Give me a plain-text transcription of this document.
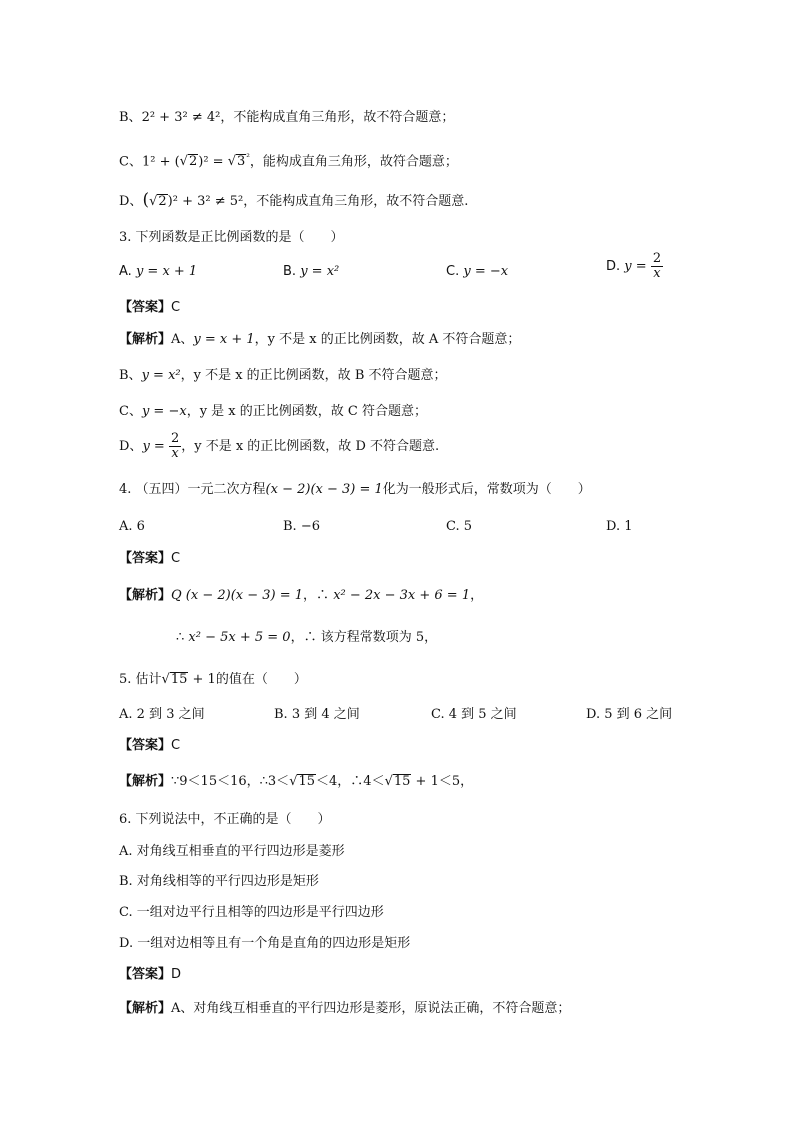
B、2² + 3² ≠ 4²，不能构成直角三角形，故不符合题意；
C、$1^2 + (√2)^2 = √3^{^2}$，能构成直角三角形，故符合题意；
D、(√2)² + 3² ≠ 5²，不能构成直角三角形，故不符合题意.
3. 下列函数是正比例函数的是（　　）
A. y = x + 1	B. y = x²	C. y = −x	D. $y = \frac{2}{x}$
【答案】C
【解析】A、y = x + 1，y 不是 x 的正比例函数，故 A 不符合题意；
B、y = x²，y 不是 x 的正比例函数，故 B 不符合题意；
C、y = −x，y 是 x 的正比例函数，故 C 符合题意；
D、$y = \frac{2}{x}$ ，y 不是 x 的正比例函数，故 D 不符合题意.
4. （五四）一元二次方程(x − 2)(x − 3) = 1化为一般形式后，常数项为（　　）
A. 6	B. −6	C. 5	D. 1
【答案】C
【解析】Q (x − 2)(x − 3) = 1，∴ x² − 2x − 3x + 6 = 1，
∴ x² − 5x + 5 = 0，∴ 该方程常数项为 5，
5. 估计√15 + 1的值在（　　）
A. 2 到 3 之间	B. 3 到 4 之间	C. 4 到 5 之间	D. 5 到 6 之间
【答案】C
【解析】∵9＜15＜16，∴3＜√15＜4，∴4＜√15 + 1＜5，
6. 下列说法中，不正确的是（　　）
A. 对角线互相垂直的平行四边形是菱形
B. 对角线相等的平行四边形是矩形
C. 一组对边平行且相等的四边形是平行四边形
D. 一组对边相等且有一个角是直角的四边形是矩形
【答案】D
【解析】A、对角线互相垂直的平行四边形是菱形，原说法正确，不符合题意；
